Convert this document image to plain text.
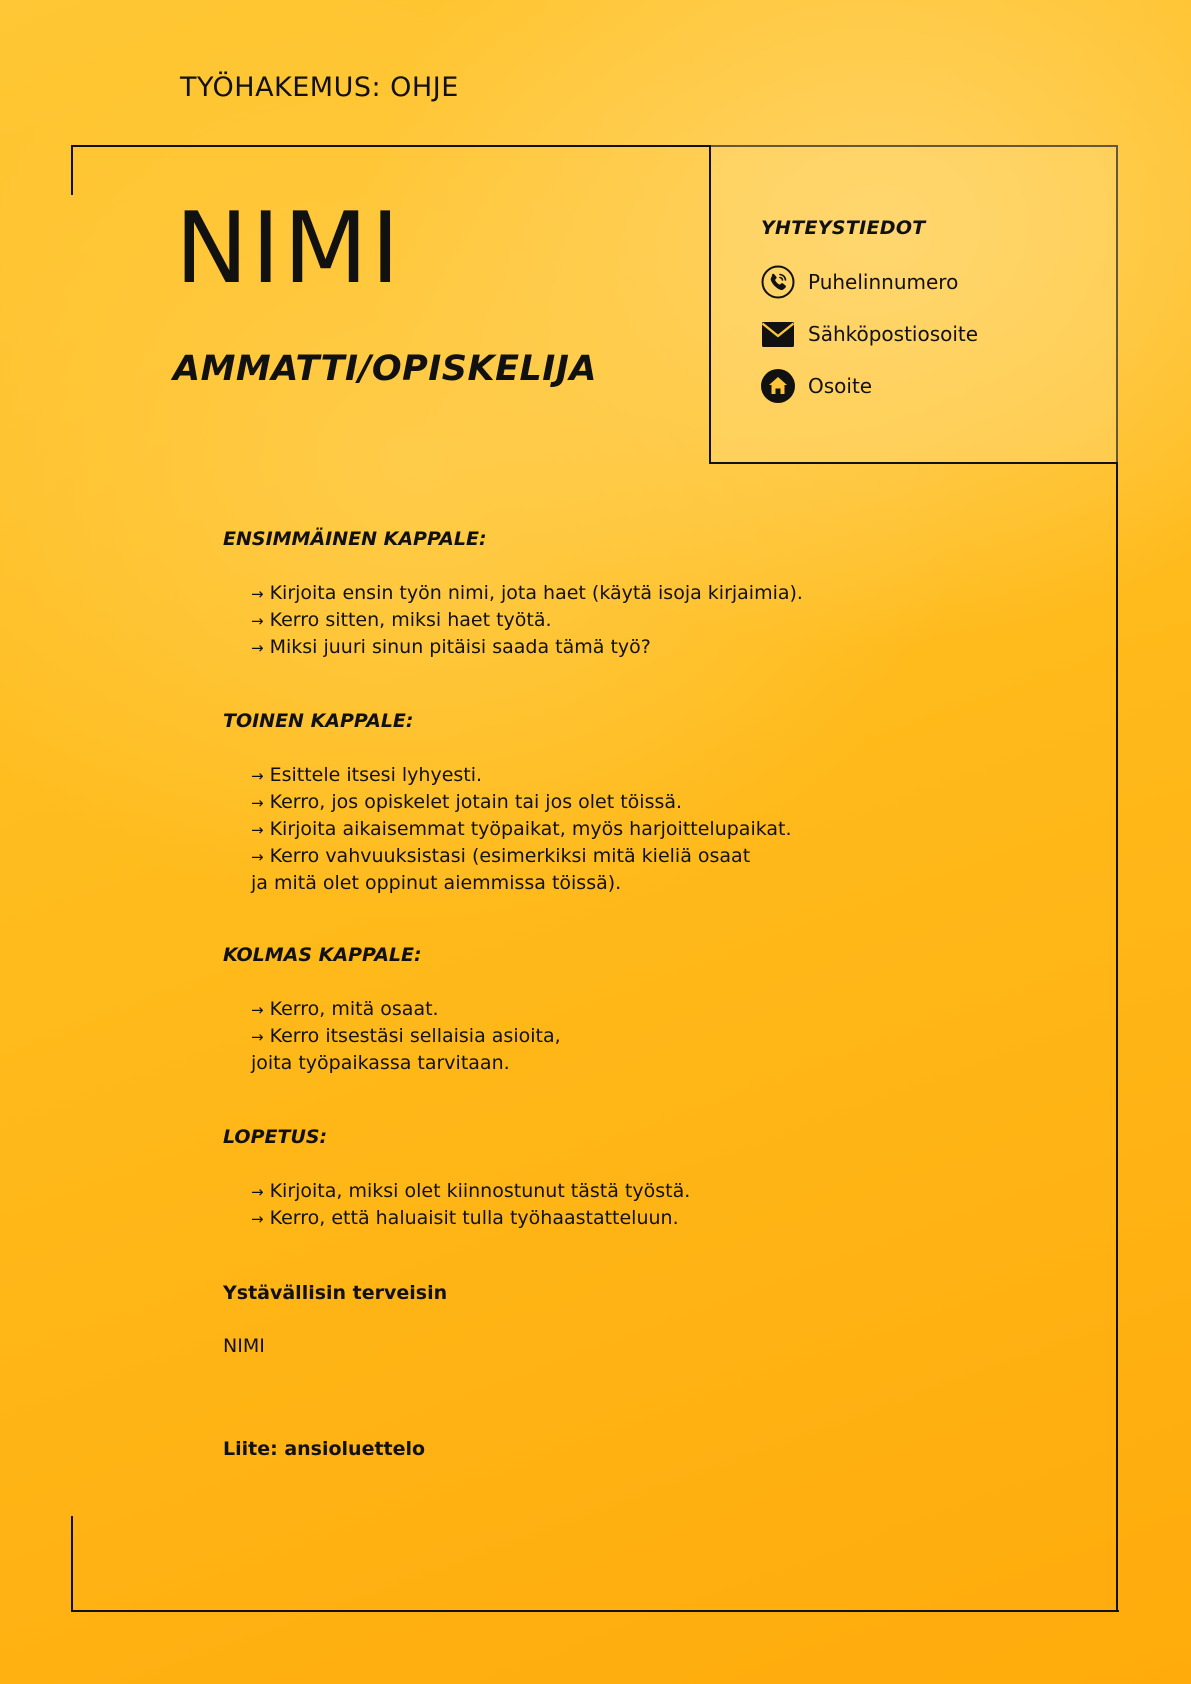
TYÖHAKEMUS: OHJE
YHTEYSTIEDOT
Puhelinnumero
Sähköpostiosoite
Osoite
NIMI
AMMATTI/OPISKELIJA
ENSIMMÄINEN KAPPALE:
→ Kirjoita ensin työn nimi, jota haet (käytä isoja kirjaimia).
→ Kerro sitten, miksi haet työtä.
→ Miksi juuri sinun pitäisi saada tämä työ?
TOINEN KAPPALE:
→ Esittele itsesi lyhyesti.
→ Kerro, jos opiskelet jotain tai jos olet töissä.
→ Kirjoita aikaisemmat työpaikat, myös harjoittelupaikat.
→ Kerro vahvuuksistasi (esimerkiksi mitä kieliä osaat
ja mitä olet oppinut aiemmissa töissä).
KOLMAS KAPPALE:
→ Kerro, mitä osaat.
→ Kerro itsestäsi sellaisia asioita,
joita työpaikassa tarvitaan.
LOPETUS:
→ Kirjoita, miksi olet kiinnostunut tästä työstä.
→ Kerro, että haluaisit tulla työhaastatteluun.

Ystävällisin terveisin

NIMI

Liite: ansioluettelo
